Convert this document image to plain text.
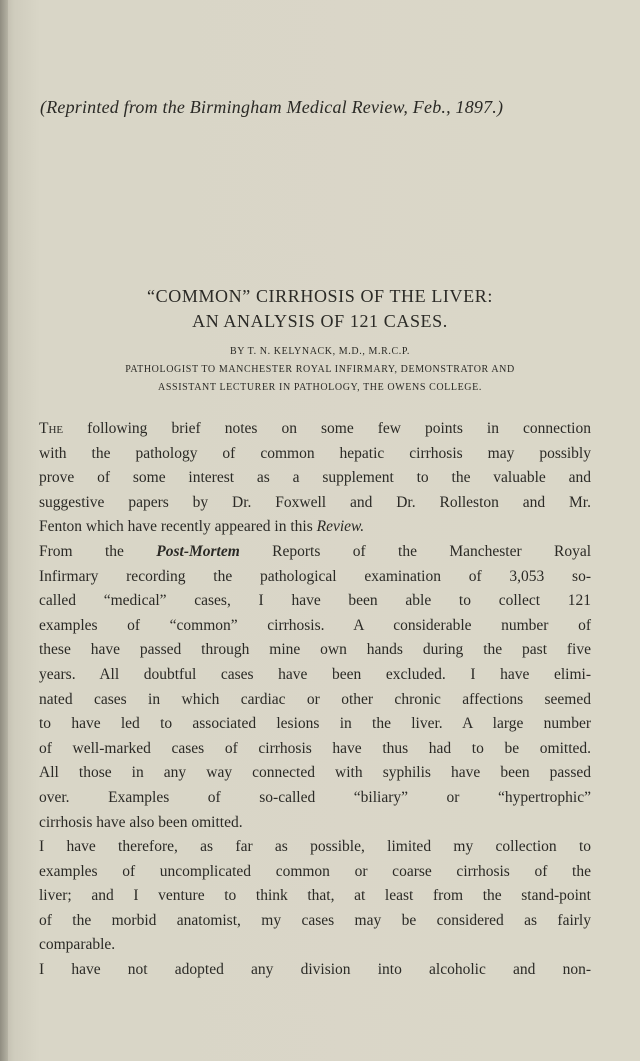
(Reprinted from the Birmingham Medical Review, Feb., 1897.)
“COMMON” CIRRHOSIS OF THE LIVER:
AN ANALYSIS OF 121 CASES.
BY T. N. KELYNACK, M.D., M.R.C.P.
PATHOLOGIST TO MANCHESTER ROYAL INFIRMARY, DEMONSTRATOR AND
ASSISTANT LECTURER IN PATHOLOGY, THE OWENS COLLEGE.
The following brief notes on some few points in connection
with the pathology of common hepatic cirrhosis may possibly
prove of some interest as a supplement to the valuable and
suggestive papers by Dr. Foxwell and Dr. Rolleston and Mr.
Fenton which have recently appeared in this Review.
From the Post-Mortem Reports of the Manchester Royal
Infirmary recording the pathological examination of 3,053 so-
called “medical” cases, I have been able to collect 121
examples of “common” cirrhosis. A considerable number of
these have passed through mine own hands during the past five
years. All doubtful cases have been excluded. I have elimi-
nated cases in which cardiac or other chronic affections seemed
to have led to associated lesions in the liver. A large number
of well-marked cases of cirrhosis have thus had to be omitted.
All those in any way connected with syphilis have been passed
over. Examples of so-called “biliary” or “hypertrophic”
cirrhosis have also been omitted.
I have therefore, as far as possible, limited my collection to
examples of uncomplicated common or coarse cirrhosis of the
liver; and I venture to think that, at least from the stand-point
of the morbid anatomist, my cases may be considered as fairly
comparable.
I have not adopted any division into alcoholic and non-
